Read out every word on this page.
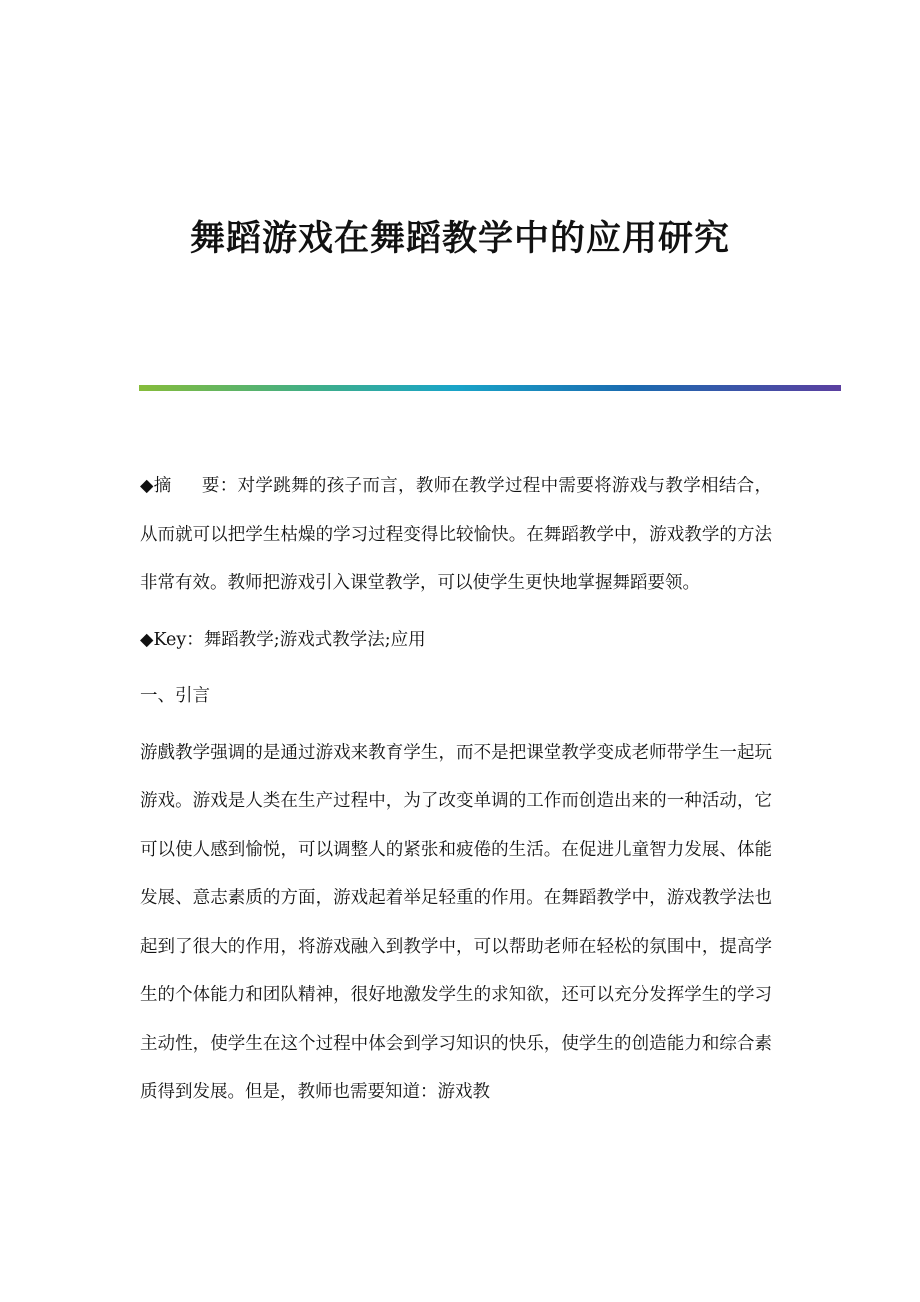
舞蹈游戏在舞蹈教学中的应用研究

◆摘 要：对学跳舞的孩子而言，教师在教学过程中需要将游戏与教学相结合，从而就可以把学生枯燥的学习过程变得比较愉快。在舞蹈教学中，游戏教学的方法非常有效。教师把游戏引入课堂教学，可以使学生更快地掌握舞蹈要领。

◆Key：舞蹈教学;游戏式教学法;应用

一、引言

游戲教学强调的是通过游戏来教育学生，而不是把课堂教学变成老师带学生一起玩游戏。游戏是人类在生产过程中，为了改变单调的工作而创造出来的一种活动，它可以使人感到愉悦，可以调整人的紧张和疲倦的生活。在促进儿童智力发展、体能发展、意志素质的方面，游戏起着举足轻重的作用。在舞蹈教学中，游戏教学法也起到了很大的作用，将游戏融入到教学中，可以帮助老师在轻松的氛围中，提高学生的个体能力和团队精神，很好地激发学生的求知欲，还可以充分发挥学生的学习主动性，使学生在这个过程中体会到学习知识的快乐，使学生的创造能力和综合素质得到发展。但是，教师也需要知道：游戏教
